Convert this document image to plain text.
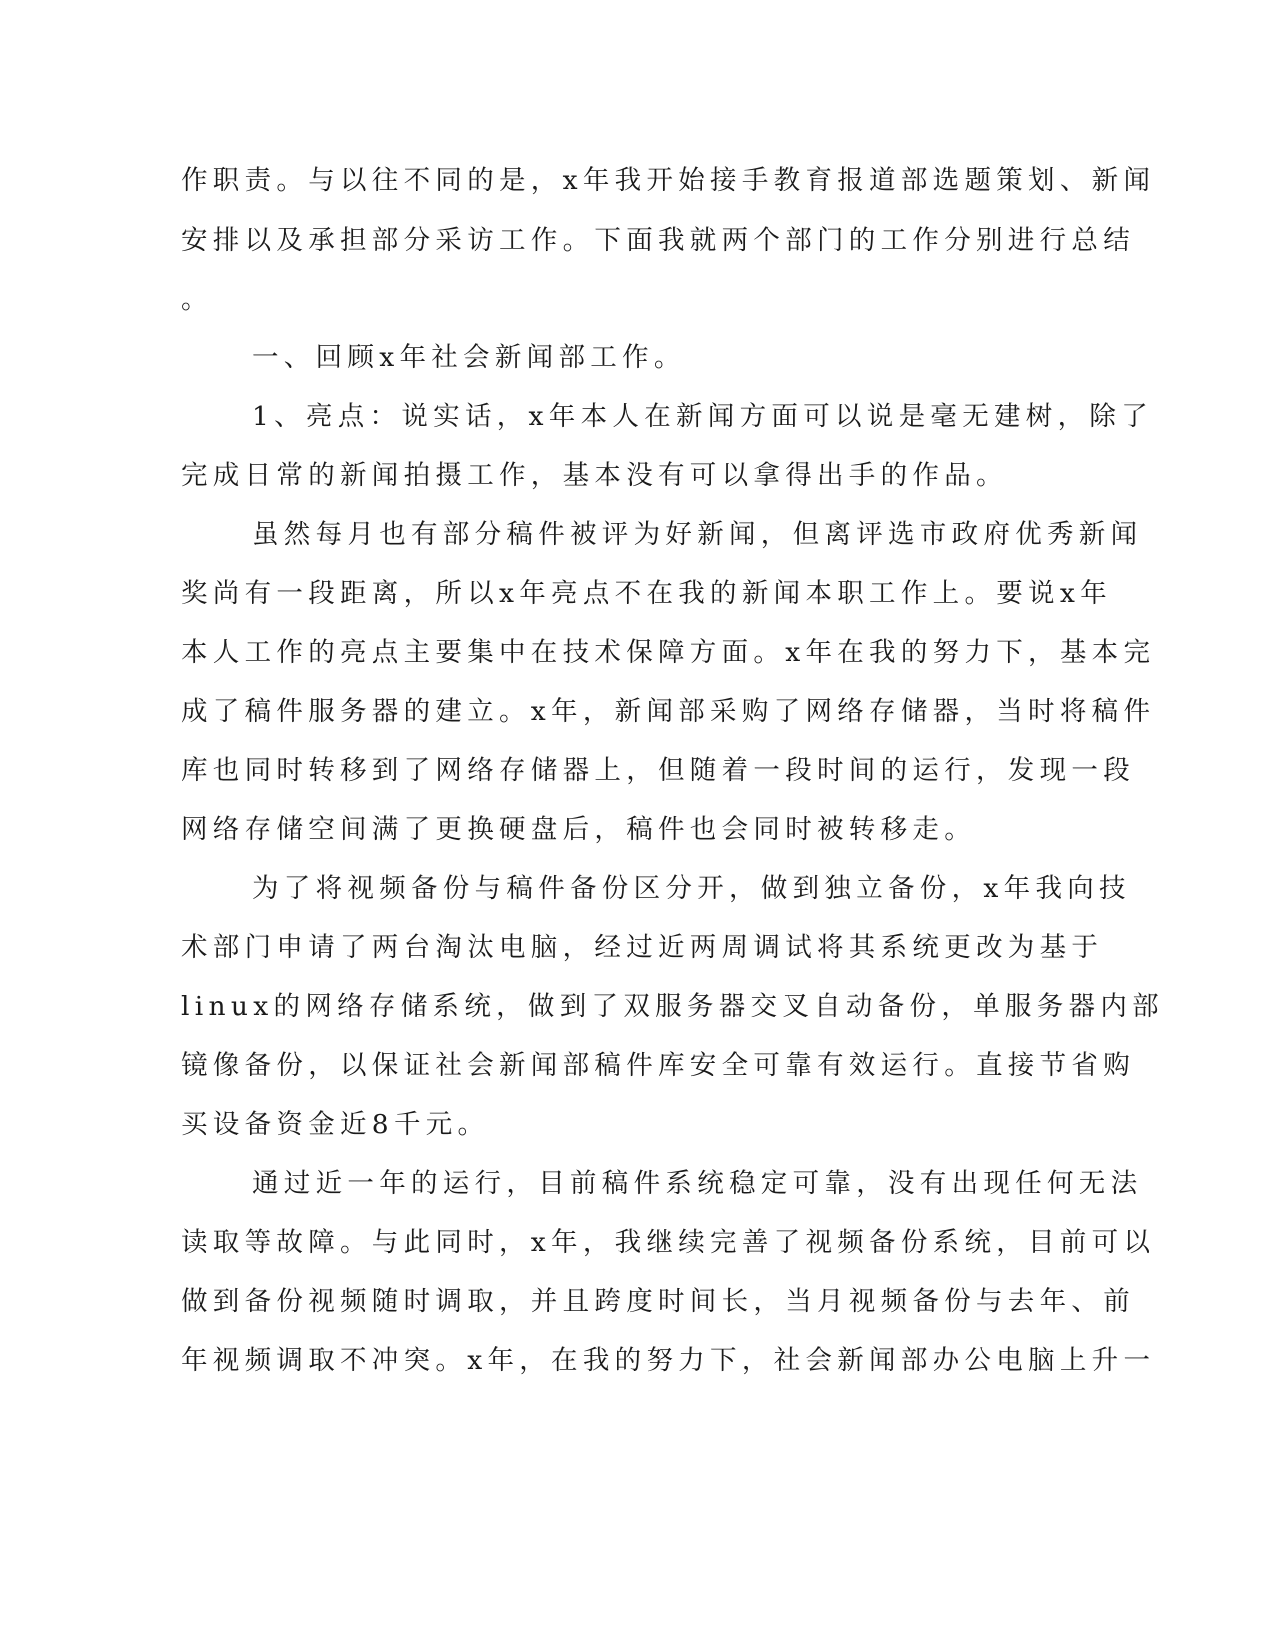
作职责。与以往不同的是，x年我开始接手教育报道部选题策划、新闻
安排以及承担部分采访工作。下面我就两个部门的工作分别进行总结
。
一、回顾x年社会新闻部工作。
1、亮点：说实话，x年本人在新闻方面可以说是毫无建树，除了
完成日常的新闻拍摄工作，基本没有可以拿得出手的作品。
虽然每月也有部分稿件被评为好新闻，但离评选市政府优秀新闻
奖尚有一段距离，所以x年亮点不在我的新闻本职工作上。要说x年
本人工作的亮点主要集中在技术保障方面。x年在我的努力下，基本完
成了稿件服务器的建立。x年，新闻部采购了网络存储器，当时将稿件
库也同时转移到了网络存储器上，但随着一段时间的运行，发现一段
网络存储空间满了更换硬盘后，稿件也会同时被转移走。
为了将视频备份与稿件备份区分开，做到独立备份，x年我向技
术部门申请了两台淘汰电脑，经过近两周调试将其系统更改为基于
linux的网络存储系统，做到了双服务器交叉自动备份，单服务器内部
镜像备份，以保证社会新闻部稿件库安全可靠有效运行。直接节省购
买设备资金近8千元。
通过近一年的运行，目前稿件系统稳定可靠，没有出现任何无法
读取等故障。与此同时，x年，我继续完善了视频备份系统，目前可以
做到备份视频随时调取，并且跨度时间长，当月视频备份与去年、前
年视频调取不冲突。x年，在我的努力下，社会新闻部办公电脑上升一
